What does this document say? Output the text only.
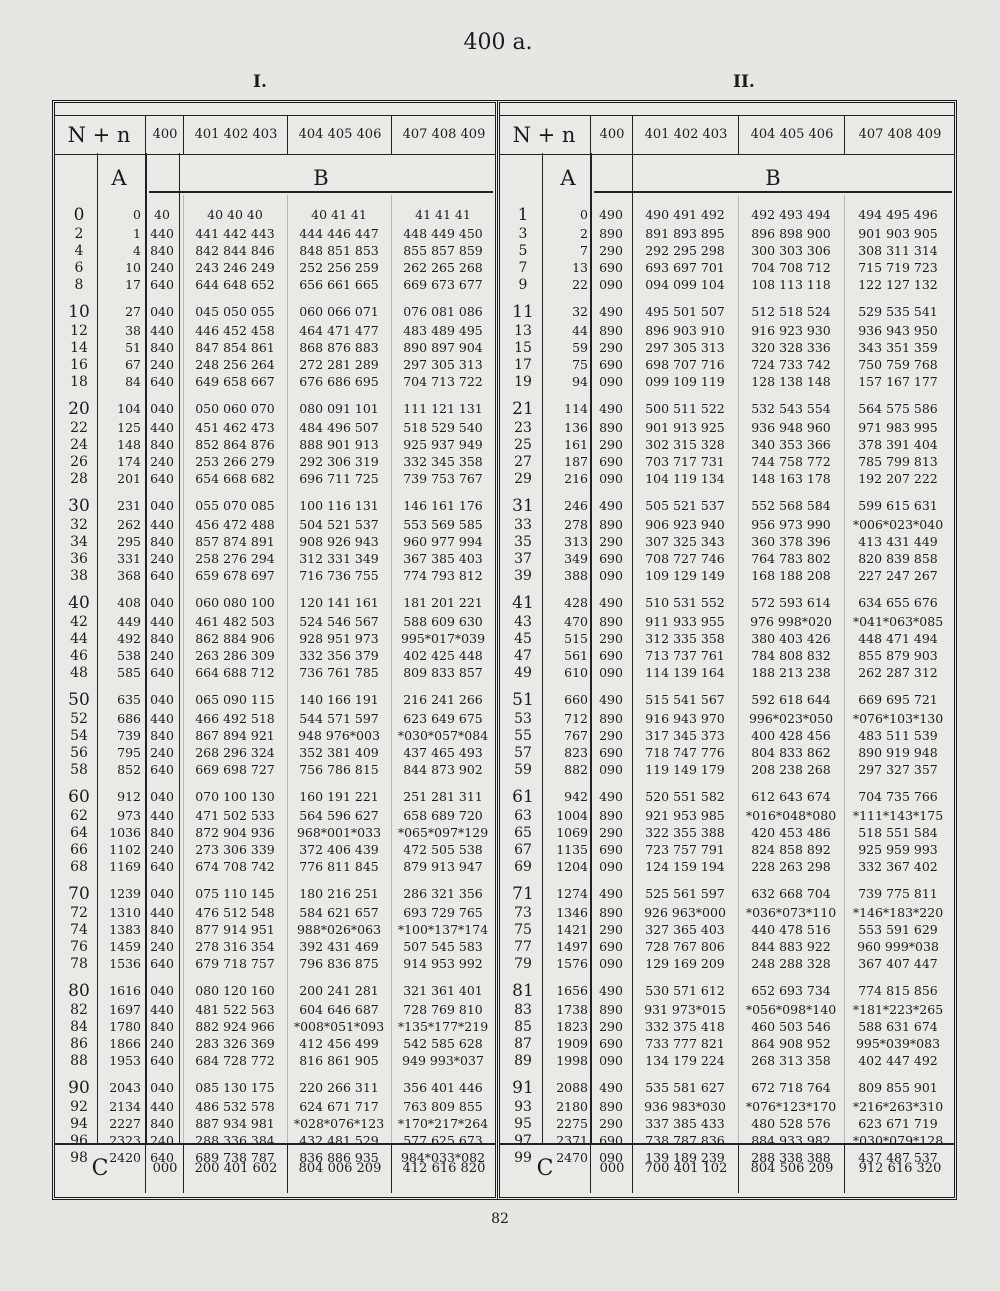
400 a.
I.	II.
N + n	400	401 402 403	404 405 406	407 408 409
A	B
0	0	40	40 40 40	40 41 41	41 41 41
2	1 440	441 442 443	444 446 447	448 449 450
4	4 840	842 844 846	848 851 853	855 857 859
6	10 240	243 246 249	252 256 259	262 265 268
8	17 640	644 648 652	656 661 665	669 673 677
10	27 040	045 050 055	060 066 071	076 081 086
12	38 440	446 452 458	464 471 477	483 489 495
14	51 840	847 854 861	868 876 883	890 897 904
16	67 240	248 256 264	272 281 289	297 305 313
18	84 640	649 658 667	676 686 695	704 713 722
20	104 040	050 060 070	080 091 101	111 121 131
22	125 440	451 462 473	484 496 507	518 529 540
24	148 840	852 864 876	888 901 913	925 937 949
26	174 240	253 266 279	292 306 319	332 345 358
28	201 640	654 668 682	696 711 725	739 753 767
30	231 040	055 070 085	100 116 131	146 161 176
32	262 440	456 472 488	504 521 537	553 569 585
34	295 840	857 874 891	908 926 943	960 977 994
36	331 240	258 276 294	312 331 349	367 385 403
38	368 640	659 678 697	716 736 755	774 793 812
40	408 040	060 080 100	120 141 161	181 201 221
42	449 440	461 482 503	524 546 567	588 609 630
44	492 840	862 884 906	928 951 973	995*017*039
46	538 240	263 286 309	332 356 379	402 425 448
48	585 640	664 688 712	736 761 785	809 833 857
50	635 040	065 090 115	140 166 191	216 241 266
52	686 440	466 492 518	544 571 597	623 649 675
54	739 840	867 894 921	948 976*003	*030*057*084
56	795 240	268 296 324	352 381 409	437 465 493
58	852 640	669 698 727	756 786 815	844 873 902
60	912 040	070 100 130	160 191 221	251 281 311
62	973 440	471 502 533	564 596 627	658 689 720
64	1036 840	872 904 936	968*001*033	*065*097*129
66	1102 240	273 306 339	372 406 439	472 505 538
68	1169 640	674 708 742	776 811 845	879 913 947
70	1239 040	075 110 145	180 216 251	286 321 356
72	1310 440	476 512 548	584 621 657	693 729 765
74	1383 840	877 914 951	988*026*063	*100*137*174
76	1459 240	278 316 354	392 431 469	507 545 583
78	1536 640	679 718 757	796 836 875	914 953 992
80	1616 040	080 120 160	200 241 281	321 361 401
82	1697 440	481 522 563	604 646 687	728 769 810
84	1780 840	882 924 966	*008*051*093	*135*177*219
86	1866 240	283 326 369	412 456 499	542 585 628
88	1953 640	684 728 772	816 861 905	949 993*037
90	2043 040	085 130 175	220 266 311	356 401 446
92	2134 440	486 532 578	624 671 717	763 809 855
94	2227 840	887 934 981	*028*076*123	*170*217*264
96	2323 240	288 336 384	432 481 529	577 625 673
98	2420 640	689 738 787	836 886 935	984*033*082
C	000	200 401 602	804 006 209	412 616 820
N + n	400	401 402 403	404 405 406	407 408 409
A	B
1	0 490	490 491 492	492 493 494	494 495 496
3	2 890	891 893 895	896 898 900	901 903 905
5	7 290	292 295 298	300 303 306	308 311 314
7	13 690	693 697 701	704 708 712	715 719 723
9	22 090	094 099 104	108 113 118	122 127 132
11	32 490	495 501 507	512 518 524	529 535 541
13	44 890	896 903 910	916 923 930	936 943 950
15	59 290	297 305 313	320 328 336	343 351 359
17	75 690	698 707 716	724 733 742	750 759 768
19	94 090	099 109 119	128 138 148	157 167 177
21	114 490	500 511 522	532 543 554	564 575 586
23	136 890	901 913 925	936 948 960	971 983 995
25	161 290	302 315 328	340 353 366	378 391 404
27	187 690	703 717 731	744 758 772	785 799 813
29	216 090	104 119 134	148 163 178	192 207 222
31	246 490	505 521 537	552 568 584	599 615 631
33	278 890	906 923 940	956 973 990	*006*023*040
35	313 290	307 325 343	360 378 396	413 431 449
37	349 690	708 727 746	764 783 802	820 839 858
39	388 090	109 129 149	168 188 208	227 247 267
41	428 490	510 531 552	572 593 614	634 655 676
43	470 890	911 933 955	976 998*020	*041*063*085
45	515 290	312 335 358	380 403 426	448 471 494
47	561 690	713 737 761	784 808 832	855 879 903
49	610 090	114 139 164	188 213 238	262 287 312
51	660 490	515 541 567	592 618 644	669 695 721
53	712 890	916 943 970	996*023*050	*076*103*130
55	767 290	317 345 373	400 428 456	483 511 539
57	823 690	718 747 776	804 833 862	890 919 948
59	882 090	119 149 179	208 238 268	297 327 357
61	942 490	520 551 582	612 643 674	704 735 766
63	1004 890	921 953 985	*016*048*080	*111*143*175
65	1069 290	322 355 388	420 453 486	518 551 584
67	1135 690	723 757 791	824 858 892	925 959 993
69	1204 090	124 159 194	228 263 298	332 367 402
71	1274 490	525 561 597	632 668 704	739 775 811
73	1346 890	926 963*000	*036*073*110	*146*183*220
75	1421 290	327 365 403	440 478 516	553 591 629
77	1497 690	728 767 806	844 883 922	960 999*038
79	1576 090	129 169 209	248 288 328	367 407 447
81	1656 490	530 571 612	652 693 734	774 815 856
83	1738 890	931 973*015	*056*098*140	*181*223*265
85	1823 290	332 375 418	460 503 546	588 631 674
87	1909 690	733 777 821	864 908 952	995*039*083
89	1998 090	134 179 224	268 313 358	402 447 492
91	2088 490	535 581 627	672 718 764	809 855 901
93	2180 890	936 983*030	*076*123*170	*216*263*310
95	2275 290	337 385 433	480 528 576	623 671 719
97	2371 690	738 787 836	884 933 982	*030*079*128
99	2470 090	139 189 239	288 338 388	437 487 537
C	000	700 401 102	804 506 209	912 616 320
82
